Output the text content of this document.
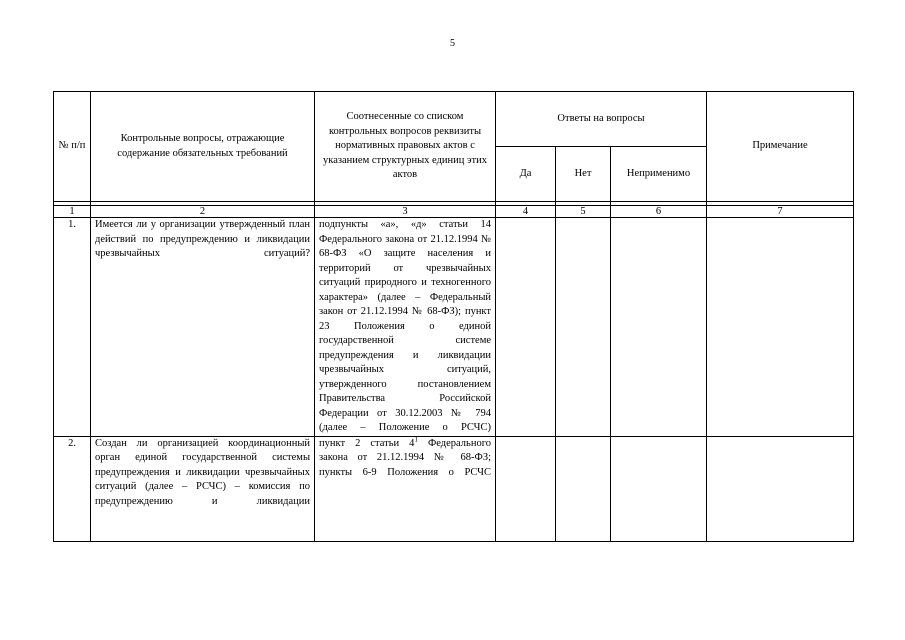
5
№ п/п	Контрольные вопросы, отражающие содержание обязательных требований	Соотнесенные со списком контрольных вопросов реквизиты нормативных правовых актов с указанием структурных единиц этих актов	Ответы на вопросы			Примечание
			Да	Нет	Неприменимо	

1	2	3	4	5	6	7
1.	Имеется ли у организации утвержденный план действий по предупреждению и ликвидации чрезвычайных ситуаций?	подпункты «а», «д» статьи 14 Федерального закона от 21.12.1994 № 68-ФЗ «О защите населения и территорий от чрезвычайных ситуаций природного и техногенного характера» (далее – Федеральный закон от 21.12.1994 № 68-ФЗ); пункт 23 Положения о единой государственной системе предупреждения и ликвидации чрезвычайных ситуаций, утвержденного постановлением Правительства Российской Федерации от 30.12.2003 № 794 (далее – Положение о РСЧС)				
2.	Создан ли организацией координационный орган единой государственной системы предупреждения и ликвидации чрезвычайных ситуаций (далее – РСЧС) – комиссия по предупреждению и ликвидации	пункт 2 статьи $4^1$ Федерального закона от 21.12.1994 № 68-ФЗ; пункты 6-9 Положения о РСЧС				
